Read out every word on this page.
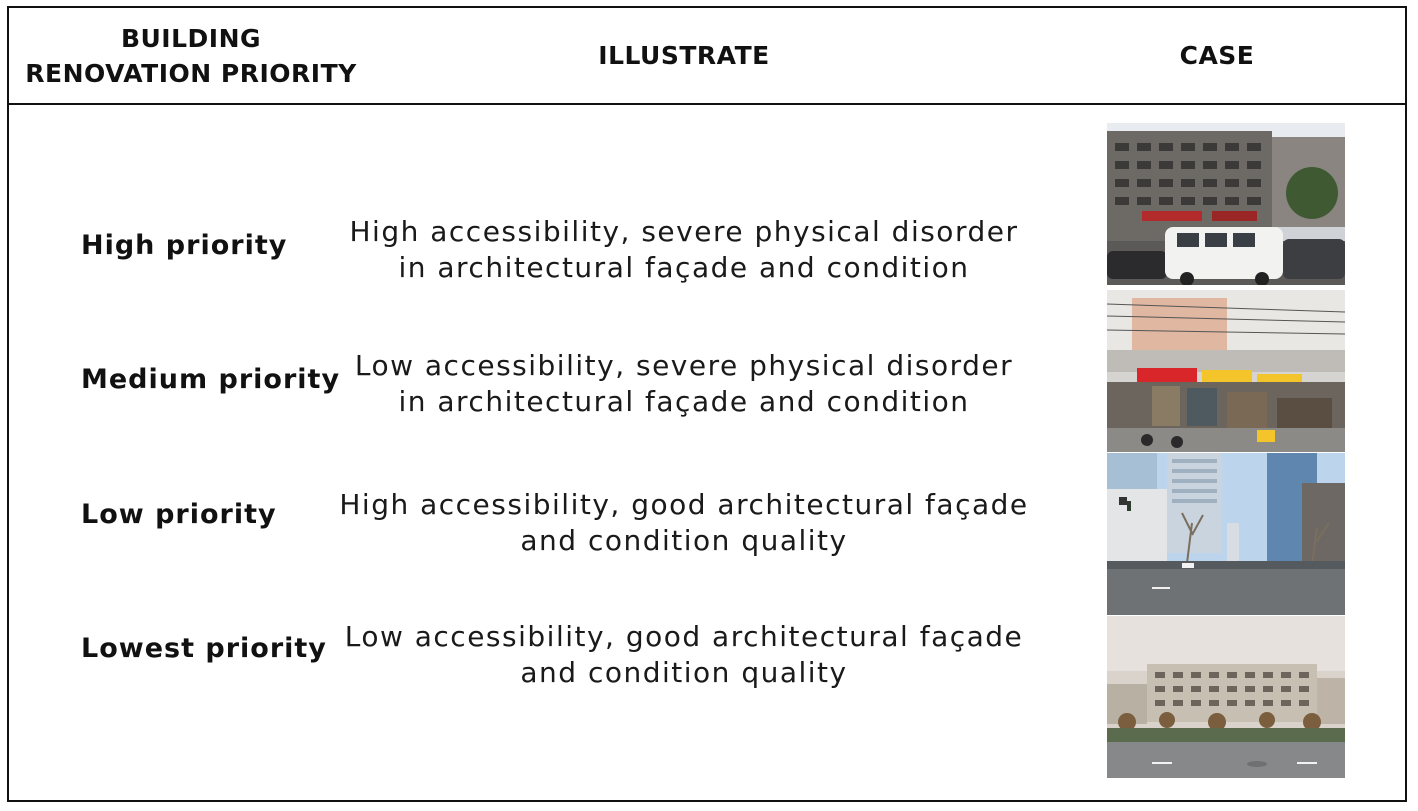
BUILDING
RENOVATION PRIORITY
ILLUSTRATE	CASE
High priority	High accessibility, severe physical disorder in architectural façade and condition
Medium priority Low accessibility, severe physical disorder in architectural façade and condition
Low priority High accessibility, good architectural façade and condition quality
Lowest priority Low accessibility, good architectural façade and condition quality
